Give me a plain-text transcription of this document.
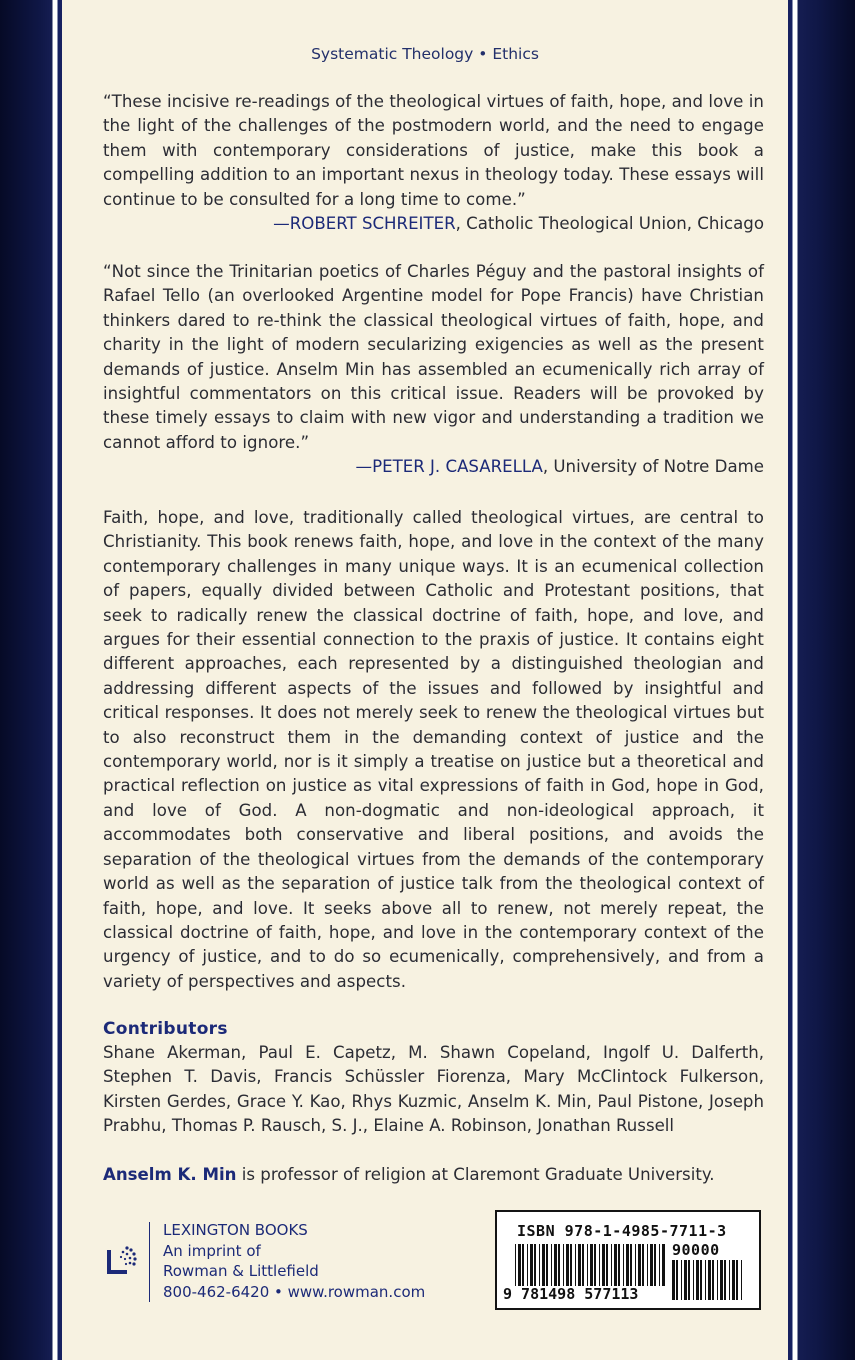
Systematic Theology • Ethics

“These incisive re-readings of the theological virtues of faith, hope, and love in the light of the challenges of the postmodern world, and the need to engage them with contemporary considerations of justice, make this book a compelling addition to an important nexus in theology today. These essays will continue to be consulted for a long time to come.”

—ROBERT SCHREITER, Catholic Theological Union, Chicago

“Not since the Trinitarian poetics of Charles Péguy and the pastoral insights of Rafael Tello (an overlooked Argentine model for Pope Francis) have Christian thinkers dared to re-think the classical theological virtues of faith, hope, and charity in the light of modern secularizing exigencies as well as the present demands of justice. Anselm Min has assembled an ecumenically rich array of insightful commentators on this critical issue. Readers will be provoked by these timely essays to claim with new vigor and understanding a tradition we cannot afford to ignore.”

—PETER J. CASARELLA, University of Notre Dame

Faith, hope, and love, traditionally called theological virtues, are central to Christianity. This book renews faith, hope, and love in the context of the many contemporary challenges in many unique ways. It is an ecumenical collection of papers, equally divided between Catholic and Protestant positions, that seek to radically renew the classical doctrine of faith, hope, and love, and argues for their essential connection to the praxis of justice. It contains eight different approaches, each represented by a distinguished theologian and addressing different aspects of the issues and followed by insightful and critical responses. It does not merely seek to renew the theological virtues but to also reconstruct them in the demanding context of justice and the contemporary world, nor is it simply a treatise on justice but a theoretical and practical reflection on justice as vital expressions of faith in God, hope in God, and love of God. A non-dogmatic and non-ideological approach, it accommodates both conservative and liberal positions, and avoids the separation of the theological virtues from the demands of the contemporary world as well as the separation of justice talk from the theological context of faith, hope, and love. It seeks above all to renew, not merely repeat, the classical doctrine of faith, hope, and love in the contemporary context of the urgency of justice, and to do so ecumenically, comprehensively, and from a variety of perspectives and aspects.

Contributors

Shane Akerman, Paul E. Capetz, M. Shawn Copeland, Ingolf U. Dalferth, Stephen T. Davis, Francis Schüssler Fiorenza, Mary McClintock Fulkerson, Kirsten Gerdes, Grace Y. Kao, Rhys Kuzmic, Anselm K. Min, Paul Pistone, Joseph Prabhu, Thomas P. Rausch, S. J., Elaine A. Robinson, Jonathan Russell

Anselm K. Min is professor of religion at Claremont Graduate University.

LEXINGTON BOOKS
An imprint of
Rowman & Littlefield
800-462-6420 • www.rowman.com
ISBN 978-1-4985-7711-3
90000
9 781498 577113
